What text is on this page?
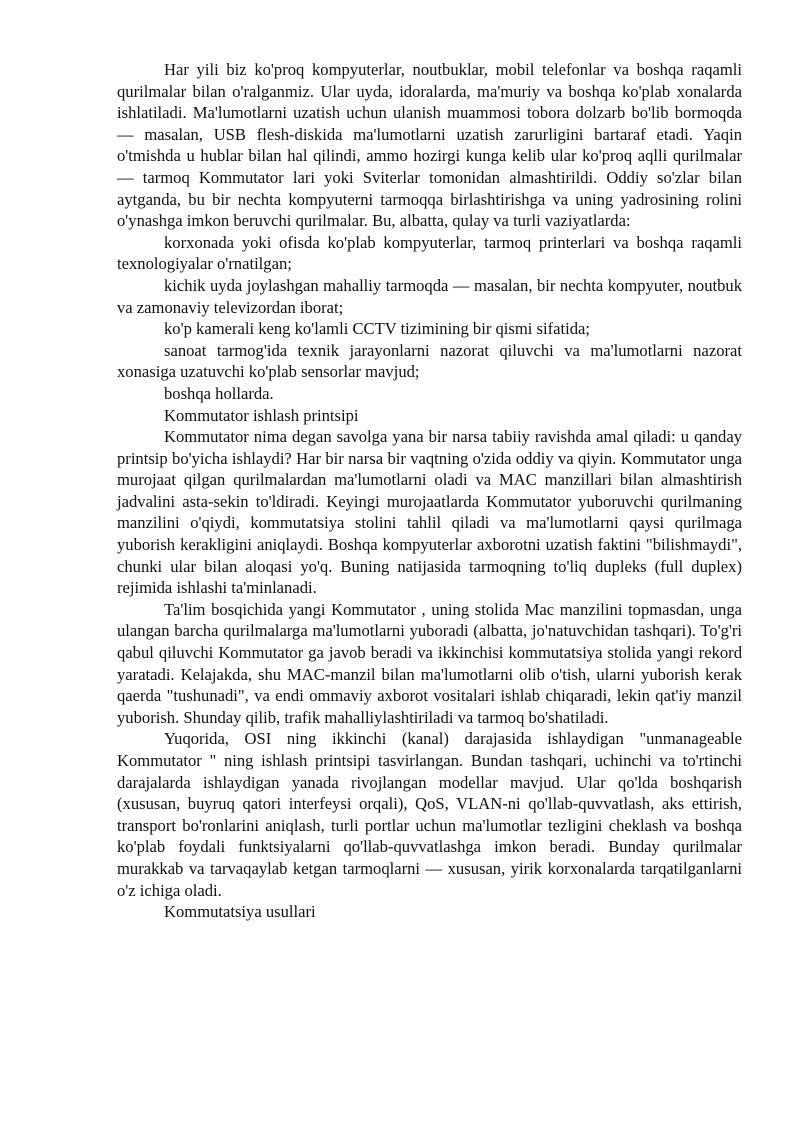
Har yili biz ko'proq kompyuterlar, noutbuklar, mobil telefonlar va boshqa raqamli qurilmalar bilan o'ralganmiz. Ular uyda, idoralarda, ma'muriy va boshqa ko'plab xonalarda ishlatiladi. Ma'lumotlarni uzatish uchun ulanish muammosi tobora dolzarb bo'lib bormoqda — masalan, USB flesh-diskida ma'lumotlarni uzatish zarurligini bartaraf etadi. Yaqin o'tmishda u hublar bilan hal qilindi, ammo hozirgi kunga kelib ular ko'proq aqlli qurilmalar — tarmoq Kommutator lari yoki Sviterlar tomonidan almashtirildi. Oddiy so'zlar bilan aytganda, bu bir nechta kompyuterni tarmoqqa birlashtirishga va uning yadrosining rolini o'ynashga imkon beruvchi qurilmalar. Bu, albatta, qulay va turli vaziyatlarda:

korxonada yoki ofisda ko'plab kompyuterlar, tarmoq printerlari va boshqa raqamli texnologiyalar o'rnatilgan;

kichik uyda joylashgan mahalliy tarmoqda — masalan, bir nechta kompyuter, noutbuk va zamonaviy televizordan iborat;

ko'p kamerali keng ko'lamli CCTV tizimining bir qismi sifatida;

sanoat tarmog'ida texnik jarayonlarni nazorat qiluvchi va ma'lumotlarni nazorat xonasiga uzatuvchi ko'plab sensorlar mavjud;

boshqa hollarda.

Kommutator ishlash printsipi

Kommutator nima degan savolga yana bir narsa tabiiy ravishda amal qiladi: u qanday printsip bo'yicha ishlaydi? Har bir narsa bir vaqtning o'zida oddiy va qiyin. Kommutator unga murojaat qilgan qurilmalardan ma'lumotlarni oladi va MAC manzillari bilan almashtirish jadvalini asta-sekin to'ldiradi. Keyingi murojaatlarda Kommutator yuboruvchi qurilmaning manzilini o'qiydi, kommutatsiya stolini tahlil qiladi va ma'lumotlarni qaysi qurilmaga yuborish kerakligini aniqlaydi. Boshqa kompyuterlar axborotni uzatish faktini "bilishmaydi", chunki ular bilan aloqasi yo'q. Buning natijasida tarmoqning to'liq dupleks (full duplex) rejimida ishlashi ta'minlanadi.

Ta'lim bosqichida yangi Kommutator , uning stolida Mac manzilini topmasdan, unga ulangan barcha qurilmalarga ma'lumotlarni yuboradi (albatta, jo'natuvchidan tashqari). To'g'ri qabul qiluvchi Kommutator ga javob beradi va ikkinchisi kommutatsiya stolida yangi rekord yaratadi. Kelajakda, shu MAC-manzil bilan ma'lumotlarni olib o'tish, ularni yuborish kerak qaerda "tushunadi", va endi ommaviy axborot vositalari ishlab chiqaradi, lekin qat'iy manzil yuborish. Shunday qilib, trafik mahalliylashtiriladi va tarmoq bo'shatiladi.

Yuqorida, OSI ning ikkinchi (kanal) darajasida ishlaydigan "unmanageable Kommutator " ning ishlash printsipi tasvirlangan. Bundan tashqari, uchinchi va to'rtinchi darajalarda ishlaydigan yanada rivojlangan modellar mavjud. Ular qo'lda boshqarish (xususan, buyruq qatori interfeysi orqali), QoS, VLAN-ni qo'llab-quvvatlash, aks ettirish, transport bo'ronlarini aniqlash, turli portlar uchun ma'lumotlar tezligini cheklash va boshqa ko'plab foydali funktsiyalarni qo'llab-quvvatlashga imkon beradi. Bunday qurilmalar murakkab va tarvaqaylab ketgan tarmoqlarni — xususan, yirik korxonalarda tarqatilganlarni o'z ichiga oladi.

Kommutatsiya usullari
